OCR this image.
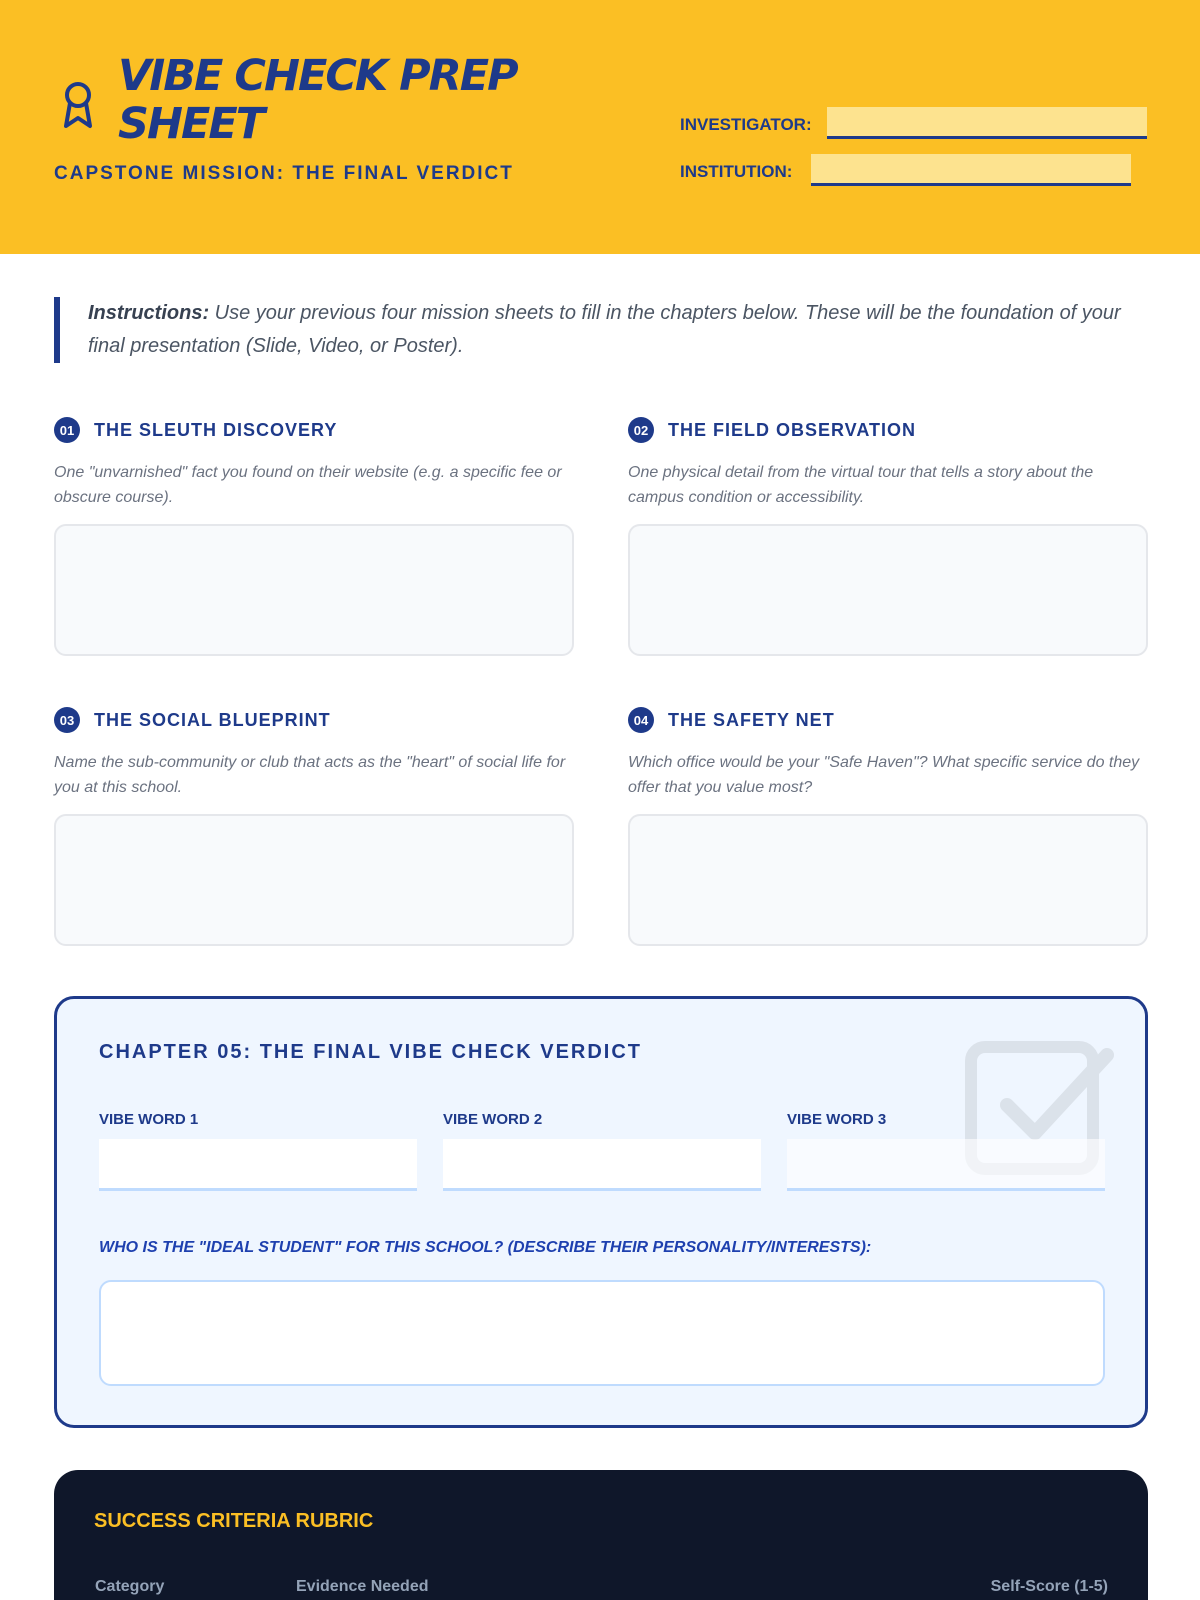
VIBE CHECK PREP SHEET
CAPSTONE MISSION: THE FINAL VERDICT
INVESTIGATOR:
INSTITUTION:
Instructions: Use your previous four mission sheets to fill in the chapters below. These will be the foundation of your final presentation (Slide, Video, or Poster).
01	THE SLEUTH DISCOVERY
One "unvarnished" fact you found on their website (e.g. a specific fee or obscure course).
02	THE FIELD OBSERVATION
One physical detail from the virtual tour that tells a story about the campus condition or accessibility.
03	THE SOCIAL BLUEPRINT
Name the sub-community or club that acts as the "heart" of social life for you at this school.
04	THE SAFETY NET
Which office would be your "Safe Haven"? What specific service do they offer that you value most?
CHAPTER 05: THE FINAL VIBE CHECK VERDICT
VIBE WORD 1	VIBE WORD 2	VIBE WORD 3
WHO IS THE "IDEAL STUDENT" FOR THIS SCHOOL? (DESCRIBE THEIR PERSONALITY/INTERESTS):
SUCCESS CRITERIA RUBRIC
Category	Evidence Needed	Self-Score (1-5)
